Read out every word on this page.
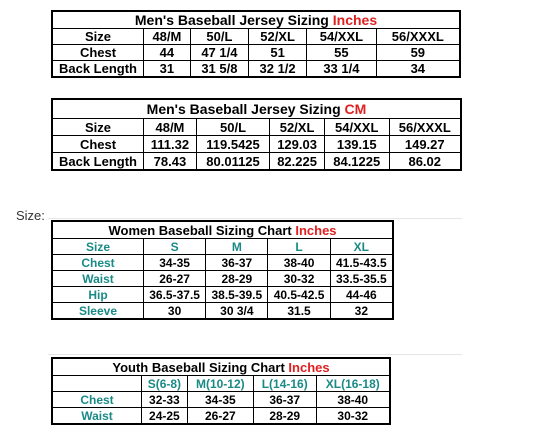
Size:
Men's Baseball Jersey Sizing Inches					
Size	48/M	50/L	52/XL	54/XXL	56/XXXL
Chest	44	47 1/4	51	55	59
Back Length	31	31 5/8	32 1/2	33 1/4	34
Men's Baseball Jersey Sizing CM					
Size	48/M	50/L	52/XL	54/XXL	56/XXXL
Chest	111.32	119.5425	129.03	139.15	149.27
Back Length	78.43	80.01125	82.225	84.1225	86.02
Women Baseball Sizing Chart Inches				
Size	S	M	L	XL
Chest	34-35	36-37	38-40	41.5-43.5
Waist	26-27	28-29	30-32	33.5-35.5
Hip	36.5-37.5	38.5-39.5	40.5-42.5	44-46
Sleeve	30	30 3/4	31.5	32
Youth Baseball Sizing Chart Inches				
	S(6-8)	M(10-12)	L(14-16)	XL(16-18)
Chest	32-33	34-35	36-37	38-40
Waist	24-25	26-27	28-29	30-32
